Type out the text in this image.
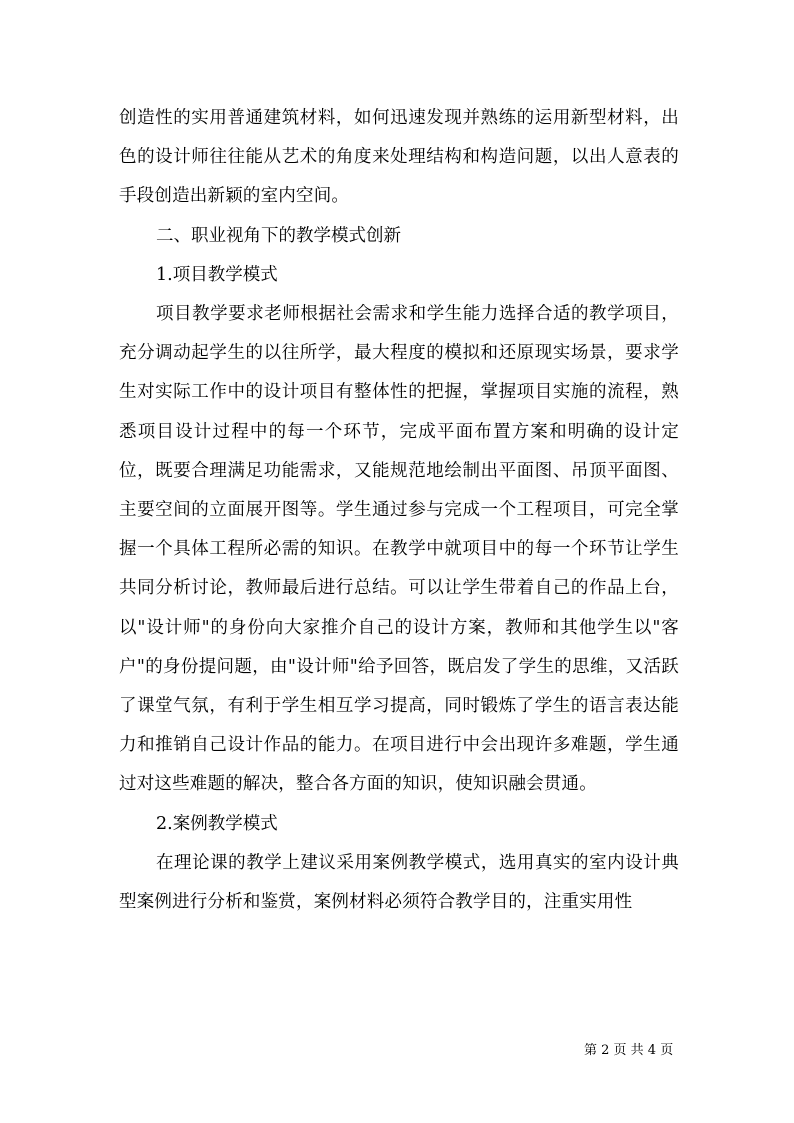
创造性的实用普通建筑材料，如何迅速发现并熟练的运用新型材料，出色的设计师往往能从艺术的角度来处理结构和构造问题，以出人意表的手段创造出新颖的室内空间。

二、职业视角下的教学模式创新

1.项目教学模式

项目教学要求老师根据社会需求和学生能力选择合适的教学项目，充分调动起学生的以往所学，最大程度的模拟和还原现实场景，要求学生对实际工作中的设计项目有整体性的把握，掌握项目实施的流程，熟悉项目设计过程中的每一个环节，完成平面布置方案和明确的设计定位，既要合理满足功能需求，又能规范地绘制出平面图、吊顶平面图、主要空间的立面展开图等。学生通过参与完成一个工程项目，可完全掌握一个具体工程所必需的知识。在教学中就项目中的每一个环节让学生共同分析讨论，教师最后进行总结。可以让学生带着自己的作品上台，以"设计师"的身份向大家推介自己的设计方案，教师和其他学生以"客户"的身份提问题，由"设计师"给予回答，既启发了学生的思维，又活跃了课堂气氛，有利于学生相互学习提高，同时锻炼了学生的语言表达能力和推销自己设计作品的能力。在项目进行中会出现许多难题，学生通过对这些难题的解决，整合各方面的知识，使知识融会贯通。

2.案例教学模式

在理论课的教学上建议采用案例教学模式，选用真实的室内设计典型案例进行分析和鉴赏，案例材料必须符合教学目的，注重实用性

第 2 页 共 4 页
